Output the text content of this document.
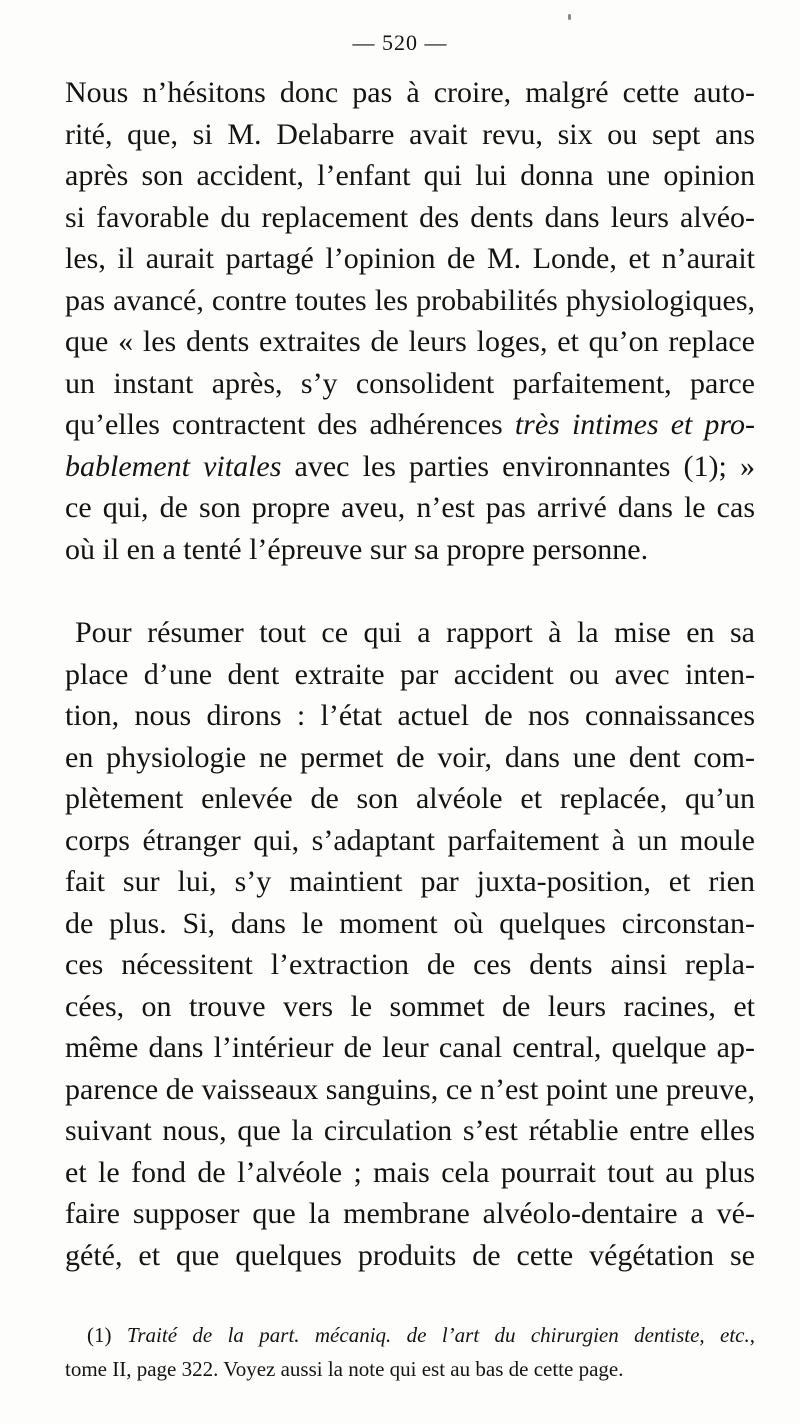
— 520 —
Nous n’hésitons donc pas à croire, malgré cette auto-
rité, que, si M. Delabarre avait revu, six ou sept ans
après son accident, l’enfant qui lui donna une opinion
si favorable du replacement des dents dans leurs alvéo-
les, il aurait partagé l’opinion de M. Londe, et n’aurait
pas avancé, contre toutes les probabilités physiologiques,
que « les dents extraites de leurs loges, et qu’on replace
un instant après, s’y consolident parfaitement, parce
qu’elles contractent des adhérences très intimes et pro-
bablement vitales avec les parties environnantes (1); »
ce qui, de son propre aveu, n’est pas arrivé dans le cas
où il en a tenté l’épreuve sur sa propre personne.
Pour résumer tout ce qui a rapport à la mise en sa
place d’une dent extraite par accident ou avec inten-
tion, nous dirons : l’état actuel de nos connaissances
en physiologie ne permet de voir, dans une dent com-
plètement enlevée de son alvéole et replacée, qu’un
corps étranger qui, s’adaptant parfaitement à un moule
fait sur lui, s’y maintient par juxta-position, et rien
de plus. Si, dans le moment où quelques circonstan-
ces nécessitent l’extraction de ces dents ainsi repla-
cées, on trouve vers le sommet de leurs racines, et
même dans l’intérieur de leur canal central, quelque ap-
parence de vaisseaux sanguins, ce n’est point une preuve,
suivant nous, que la circulation s’est rétablie entre elles
et le fond de l’alvéole ; mais cela pourrait tout au plus
faire supposer que la membrane alvéolo-dentaire a vé-
gété, et que quelques produits de cette végétation se
(1) Traité de la part. mécaniq. de l’art du chirurgien dentiste, etc.,
tome II, page 322. Voyez aussi la note qui est au bas de cette page.
